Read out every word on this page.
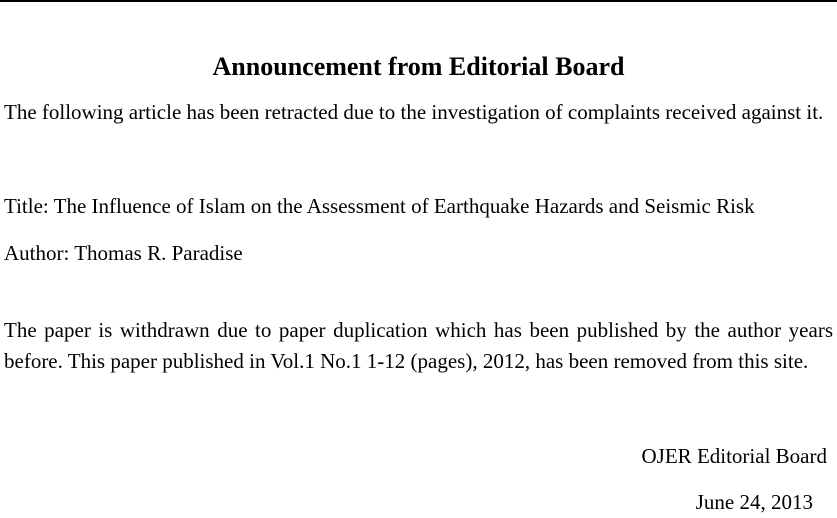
Announcement from Editorial Board

The following article has been retracted due to the investigation of complaints received against it.

Title: The Influence of Islam on the Assessment of Earthquake Hazards and Seismic Risk

Author: Thomas R. Paradise

The paper is withdrawn due to paper duplication which has been published by the author years before. This paper published in Vol.1 No.1 1-12 (pages), 2012, has been removed from this site.

OJER Editorial Board

June 24, 2013
